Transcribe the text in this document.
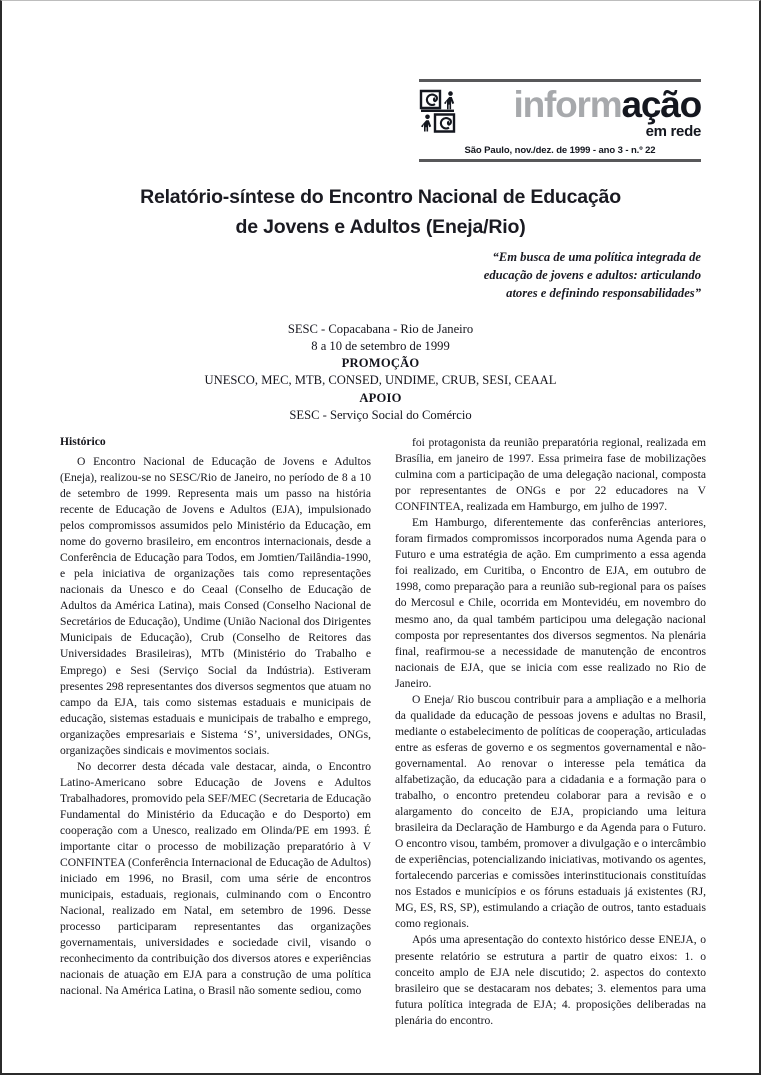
informação
em rede
São Paulo, nov./dez. de 1999 - ano 3 - n.º 22
Relatório-síntese do Encontro Nacional de Educação
de Jovens e Adultos (Eneja/Rio)
“Em busca de uma política integrada de
educação de jovens e adultos: articulando
atores e definindo responsabilidades”
SESC - Copacabana - Rio de Janeiro
8 a 10 de setembro de 1999
PROMOÇÃO
UNESCO, MEC, MTB, CONSED, UNDIME, CRUB, SESI, CEAAL
APOIO
SESC - Serviço Social do Comércio
Histórico

O Encontro Nacional de Educação de Jovens e Adultos (Eneja), realizou-se no SESC/Rio de Janeiro, no período de 8 a 10 de setembro de 1999. Representa mais um passo na história recente de Educação de Jovens e Adultos (EJA), impulsionado pelos compromissos assumidos pelo Ministério da Educação, em nome do governo brasileiro, em encontros internacionais, desde a Conferência de Educação para Todos, em Jomtien/Tailândia-1990, e pela iniciativa de organizações tais como representações nacionais da Unesco e do Ceaal (Conselho de Educação de Adultos da América Latina), mais Consed (Conselho Nacional de Secretários de Educação), Undime (União Nacional dos Dirigentes Municipais de Educação), Crub (Conselho de Reitores das Universidades Brasileiras), MTb (Ministério do Trabalho e Emprego) e Sesi (Serviço Social da Indústria). Estiveram presentes 298 representantes dos diversos segmentos que atuam no campo da EJA, tais como sistemas estaduais e municipais de educação, sistemas estaduais e municipais de trabalho e emprego, organizações empresariais e Sistema ‘S’, universidades, ONGs, organizações sindicais e movimentos sociais.

No decorrer desta década vale destacar, ainda, o Encontro Latino-Americano sobre Educação de Jovens e Adultos Trabalhadores, promovido pela SEF/MEC (Secretaria de Educação Fundamental do Ministério da Educação e do Desporto) em cooperação com a Unesco, realizado em Olinda/PE em 1993. É importante citar o processo de mobilização preparatório à V CONFINTEA (Conferência Internacional de Educação de Adultos) iniciado em 1996, no Brasil, com uma série de encontros municipais, estaduais, regionais, culminando com o Encontro Nacional, realizado em Natal, em setembro de 1996. Desse processo participaram representantes das organizações governamentais, universidades e sociedade civil, visando o reconhecimento da contribuição dos diversos atores e experiências nacionais de atuação em EJA para a construção de uma política nacional. Na América Latina, o Brasil não somente sediou, como

foi protagonista da reunião preparatória regional, realizada em Brasília, em janeiro de 1997. Essa primeira fase de mobilizações culmina com a participação de uma delegação nacional, composta por representantes de ONGs e por 22 educadores na V CONFINTEA, realizada em Hamburgo, em julho de 1997.

Em Hamburgo, diferentemente das conferências anteriores, foram firmados compromissos incorporados numa Agenda para o Futuro e uma estratégia de ação. Em cumprimento a essa agenda foi realizado, em Curitiba, o Encontro de EJA, em outubro de 1998, como preparação para a reunião sub-regional para os países do Mercosul e Chile, ocorrida em Montevidéu, em novembro do mesmo ano, da qual também participou uma delegação nacional composta por representantes dos diversos segmentos. Na plenária final, reafirmou-se a necessidade de manutenção de encontros nacionais de EJA, que se inicia com esse realizado no Rio de Janeiro.

O Eneja/ Rio buscou contribuir para a ampliação e a melhoria da qualidade da educação de pessoas jovens e adultas no Brasil, mediante o estabelecimento de políticas de cooperação, articuladas entre as esferas de governo e os segmentos governamental e não-governamental. Ao renovar o interesse pela temática da alfabetização, da educação para a cidadania e a formação para o trabalho, o encontro pretendeu colaborar para a revisão e o alargamento do conceito de EJA, propiciando uma leitura brasileira da Declaração de Hamburgo e da Agenda para o Futuro. O encontro visou, também, promover a divulgação e o intercâmbio de experiências, potencializando iniciativas, motivando os agentes, fortalecendo parcerias e comissões interinstitucionais constituídas nos Estados e municípios e os fóruns estaduais já existentes (RJ, MG, ES, RS, SP), estimulando a criação de outros, tanto estaduais como regionais.

Após uma apresentação do contexto histórico desse ENEJA, o presente relatório se estrutura a partir de quatro eixos: 1. o conceito amplo de EJA nele discutido; 2. aspectos do contexto brasileiro que se destacaram nos debates; 3. elementos para uma futura política integrada de EJA; 4. proposições deliberadas na plenária do encontro.
